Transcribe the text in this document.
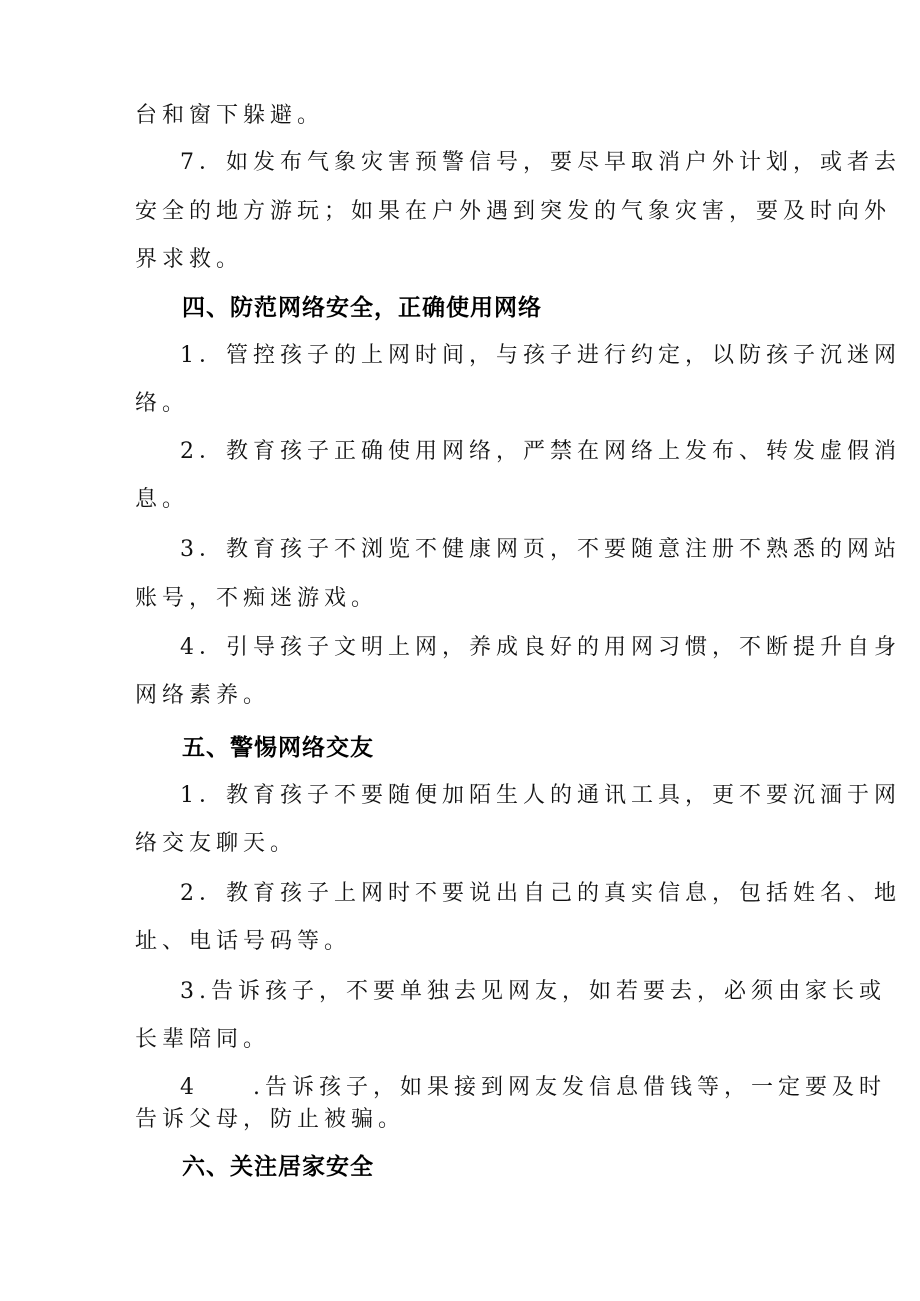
台和窗下躲避。

7．如发布气象灾害预警信号，要尽早取消户外计划，或者去

安全的地方游玩；如果在户外遇到突发的气象灾害，要及时向外

界求救。

四、防范网络安全，正确使用网络

1．管控孩子的上网时间，与孩子进行约定，以防孩子沉迷网

络。

2．教育孩子正确使用网络，严禁在网络上发布、转发虚假消

息。

3．教育孩子不浏览不健康网页，不要随意注册不熟悉的网站

账号，不痴迷游戏。

4．引导孩子文明上网，养成良好的用网习惯，不断提升自身

网络素养。

五、警惕网络交友

1．教育孩子不要随便加陌生人的通讯工具，更不要沉湎于网

络交友聊天。

2．教育孩子上网时不要说出自己的真实信息，包括姓名、地

址、电话号码等。

3.告诉孩子，不要单独去见网友，如若要去，必须由家长或

长辈陪同。

4　　.告诉孩子，如果接到网友发信息借钱等，一定要及时

告诉父母，防止被骗。

六、关注居家安全
